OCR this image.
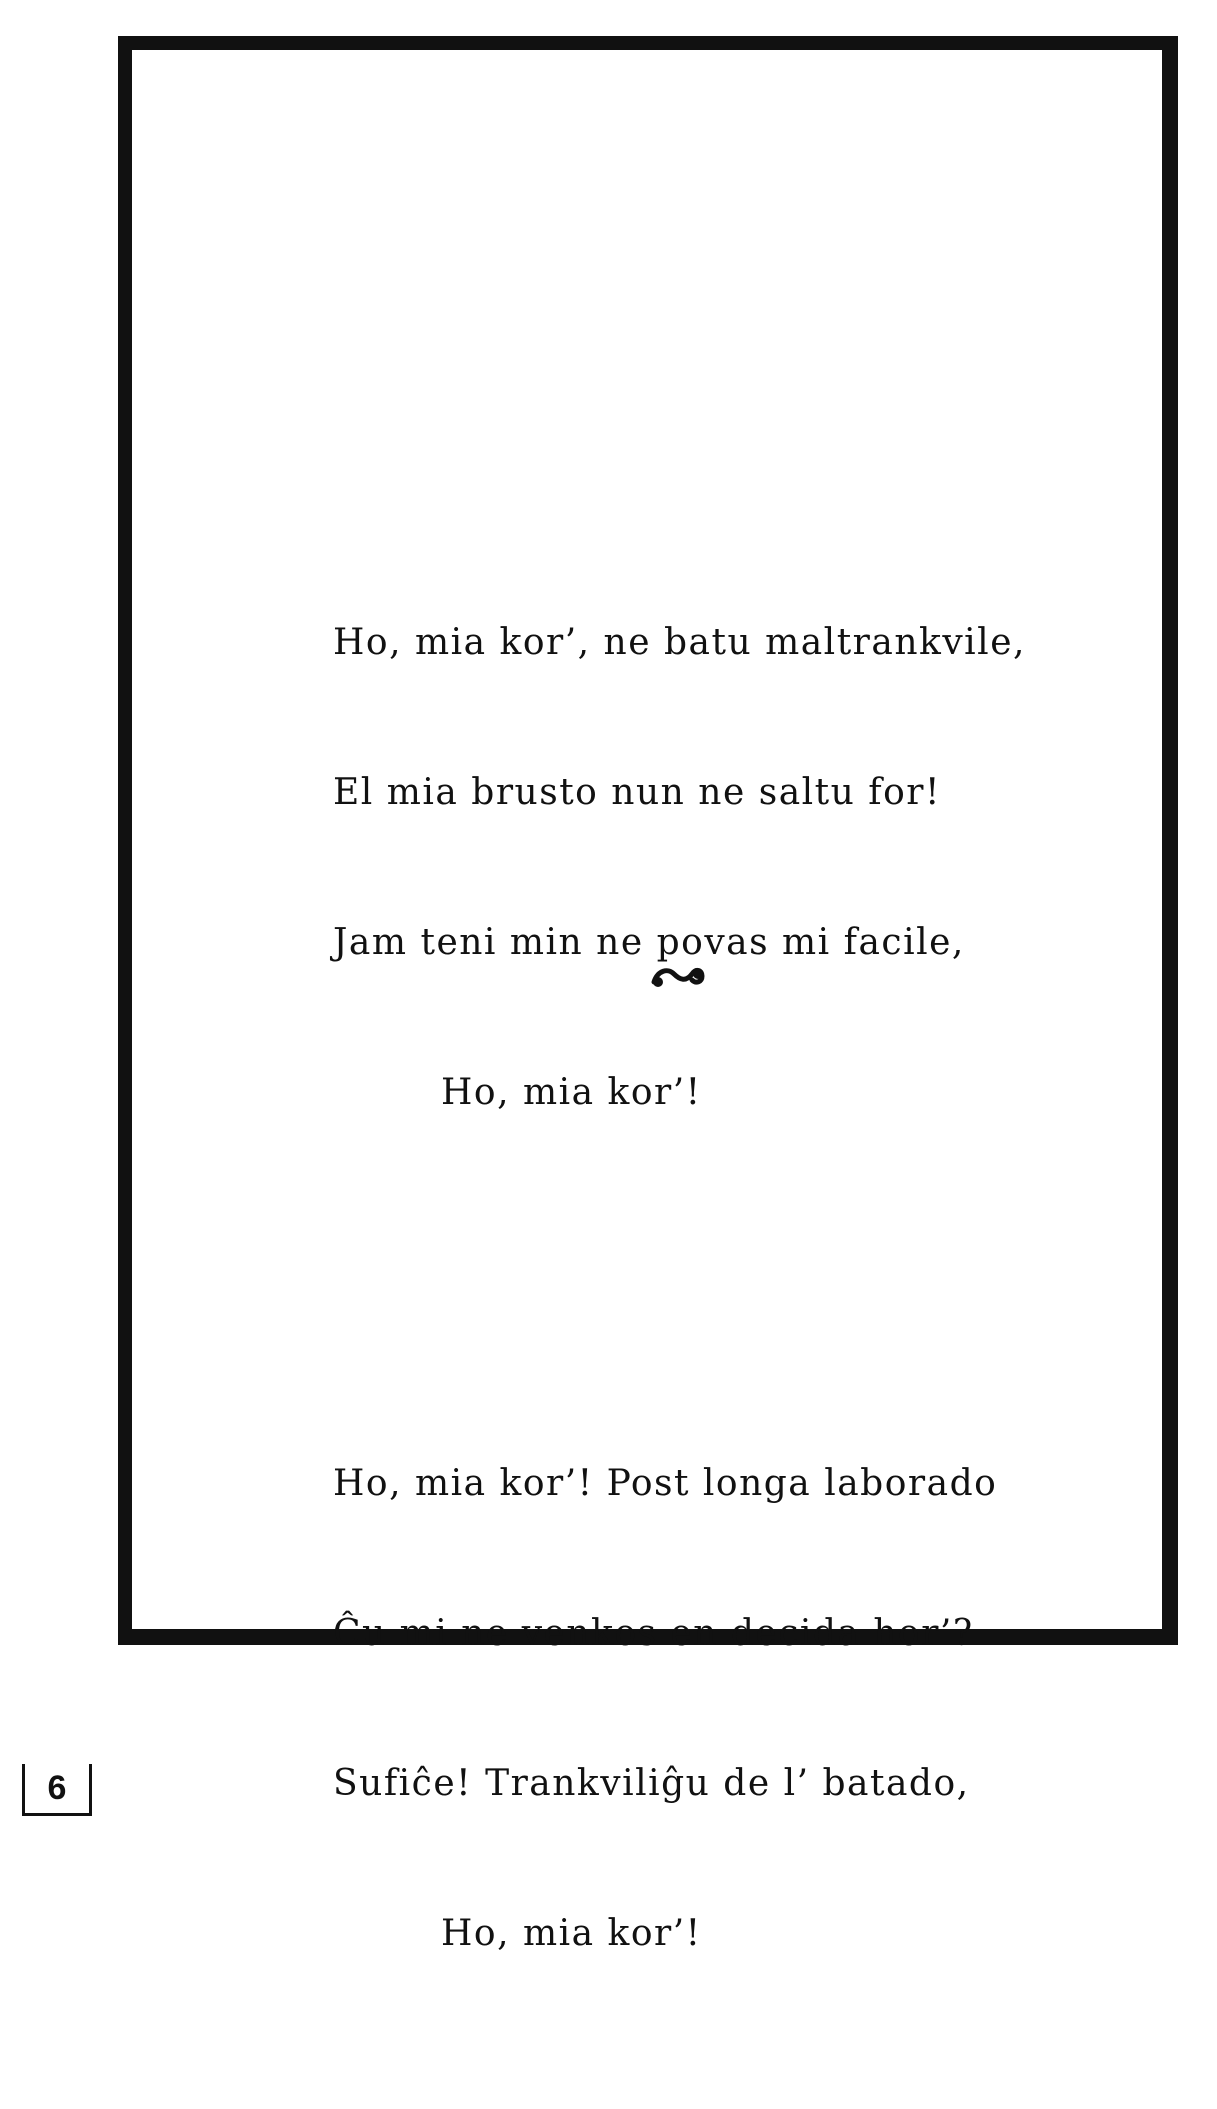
Ho, mia kor’, ne batu maltrankvile,

El mia brusto nun ne saltu for!

Jam teni min ne povas mi facile,

Ho, mia kor’!

Ho, mia kor’! Post longa laborado

Ĉu mi ne venkos en decida hor’?

Sufiĉe! Trankviliĝu de l’ batado,

Ho, mia kor’!

6
